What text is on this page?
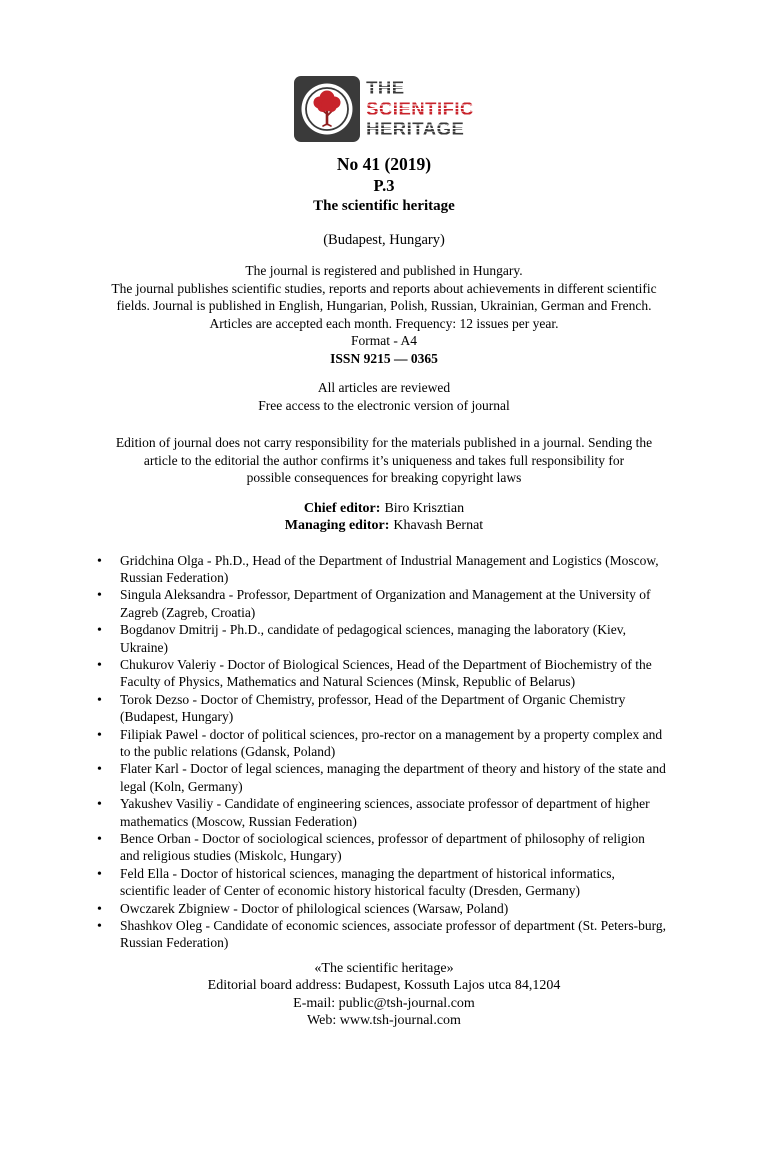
THE
SCIENTIFIC
HERITAGE
No 41 (2019)
P.3
The scientific heritage
(Budapest, Hungary)
The journal is registered and published in Hungary.
The journal publishes scientific studies, reports and reports about achievements in different scientific
fields. Journal is published in English, Hungarian, Polish, Russian, Ukrainian, German and French.
Articles are accepted each month. Frequency: 12 issues per year.
Format - A4
ISSN 9215 — 0365
All articles are reviewed
Free access to the electronic version of journal
Edition of journal does not carry responsibility for the materials published in a journal. Sending the
article to the editorial the author confirms it’s uniqueness and takes full responsibility for
possible consequences for breaking copyright laws
Chief editor: Biro Krisztian
Managing editor: Khavash Bernat
•
Gridchina Olga - Ph.D., Head of the Department of Industrial Management and Logistics (Moscow, Russian Federation)
•
Singula Aleksandra - Professor, Department of Organization and Management at the University of Zagreb (Zagreb, Croatia)
•
Bogdanov Dmitrij - Ph.D., candidate of pedagogical sciences, managing the laboratory (Kiev, Ukraine)
•
Chukurov Valeriy - Doctor of Biological Sciences, Head of the Department of Biochemistry of the Faculty of Physics, Mathematics and Natural Sciences (Minsk, Republic of Belarus)
•
Torok Dezso - Doctor of Chemistry, professor, Head of the Department of Organic Chemistry (Budapest, Hungary)
•
Filipiak Pawel - doctor of political sciences, pro-rector on a management by a property complex and to the public relations (Gdansk, Poland)
•
Flater Karl - Doctor of legal sciences, managing the department of theory and history of the state and legal (Koln, Germany)
•
Yakushev Vasiliy - Candidate of engineering sciences, associate professor of department of higher mathematics (Moscow, Russian Federation)
•
Bence Orban - Doctor of sociological sciences, professor of department of philosophy of religion and religious studies (Miskolc, Hungary)
•
Feld Ella - Doctor of historical sciences, managing the department of historical informatics, scientific leader of Center of economic history historical faculty (Dresden, Germany)
•
Owczarek Zbigniew - Doctor of philological sciences (Warsaw, Poland)
•
Shashkov Oleg - Candidate of economic sciences, associate professor of department (St. Peters-burg, Russian Federation)
«The scientific heritage»
Editorial board address: Budapest, Kossuth Lajos utca 84,1204
E-mail: public@tsh-journal.com
Web: www.tsh-journal.com
